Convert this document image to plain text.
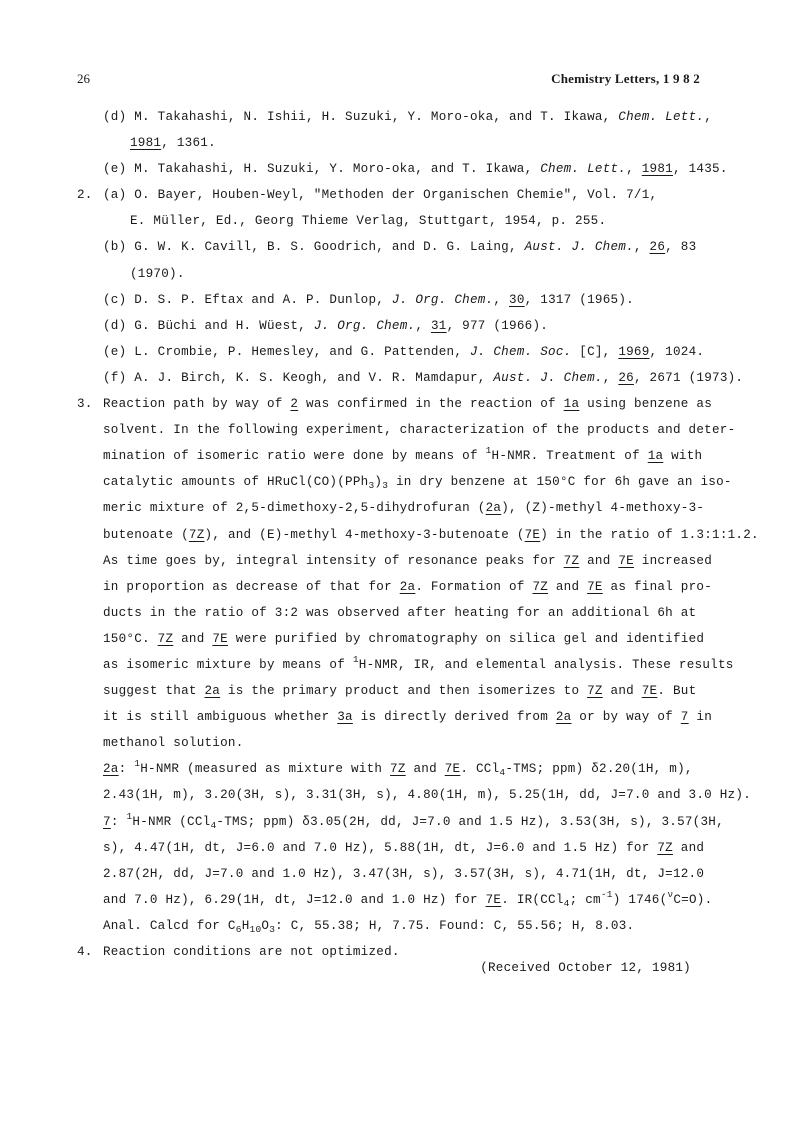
26	Chemistry Letters, 1 9 8 2
(d) M. Takahashi, N. Ishii, H. Suzuki, Y. Moro-oka, and T. Ikawa, Chem. Lett.,
1981, 1361.
(e) M. Takahashi, H. Suzuki, Y. Moro-oka, and T. Ikawa, Chem. Lett., 1981, 1435.
2. (a) O. Bayer, Houben-Weyl, "Methoden der Organischen Chemie", Vol. 7/1,
E. Müller, Ed., Georg Thieme Verlag, Stuttgart, 1954, p. 255.
(b) G. W. K. Cavill, B. S. Goodrich, and D. G. Laing, Aust. J. Chem., 26, 83
(1970).
(c) D. S. P. Eftax and A. P. Dunlop, J. Org. Chem., 30, 1317 (1965).
(d) G. Büchi and H. Wüest, J. Org. Chem., 31, 977 (1966).
(e) L. Crombie, P. Hemesley, and G. Pattenden, J. Chem. Soc. [C], 1969, 1024.
(f) A. J. Birch, K. S. Keogh, and V. R. Mamdapur, Aust. J. Chem., 26, 2671 (1973).
3. Reaction path by way of 2 was confirmed in the reaction of 1a using benzene as
solvent. In the following experiment, characterization of the products and deter-
mination of isomeric ratio were done by means of $^1$H-NMR. Treatment of 1a with
catalytic amounts of $HRuCl(CO)(PPh_3)_3$ in dry benzene at 150°C for 6h gave an iso-
meric mixture of 2,5-dimethoxy-2,5-dihydrofuran (2a), (Z)-methyl 4-methoxy-3-
butenoate (7Z), and (E)-methyl 4-methoxy-3-butenoate (7E) in the ratio of 1.3:1:1.2.
As time goes by, integral intensity of resonance peaks for 7Z and 7E increased
in proportion as decrease of that for 2a. Formation of 7Z and 7E as final pro-
ducts in the ratio of 3:2 was observed after heating for an additional 6h at
150°C. 7Z and 7E were purified by chromatography on silica gel and identified
as isomeric mixture by means of $^1$H-NMR, IR, and elemental analysis. These results
suggest that 2a is the primary product and then isomerizes to 7Z and 7E. But
it is still ambiguous whether 3a is directly derived from 2a or by way of 7 in
methanol solution.
2a: $^1$H-NMR (measured as mixture with 7Z and 7E. CCl$_4$-TMS; ppm) δ2.20(1H, m),
2.43(1H, m), 3.20(3H, s), 3.31(3H, s), 4.80(1H, m), 5.25(1H, dd, J=7.0 and 3.0 Hz).
7: $^1$H-NMR (CCl$_4$-TMS; ppm) δ3.05(2H, dd, J=7.0 and 1.5 Hz), 3.53(3H, s), 3.57(3H,
s), 4.47(1H, dt, J=6.0 and 7.0 Hz), 5.88(1H, dt, J=6.0 and 1.5 Hz) for 7Z and
2.87(2H, dd, J=7.0 and 1.0 Hz), 3.47(3H, s), 3.57(3H, s), 4.71(1H, dt, J=12.0
and 7.0 Hz), 6.29(1H, dt, J=12.0 and 1.0 Hz) for 7E. IR(CCl$_4$; $cm^{-1}$) 1746($^\nu$C=O).
Anal. Calcd for $C_6H_{10}O_3$: C, 55.38; H, 7.75. Found: C, 55.56; H, 8.03.
4. Reaction conditions are not optimized.
(Received October 12, 1981)
